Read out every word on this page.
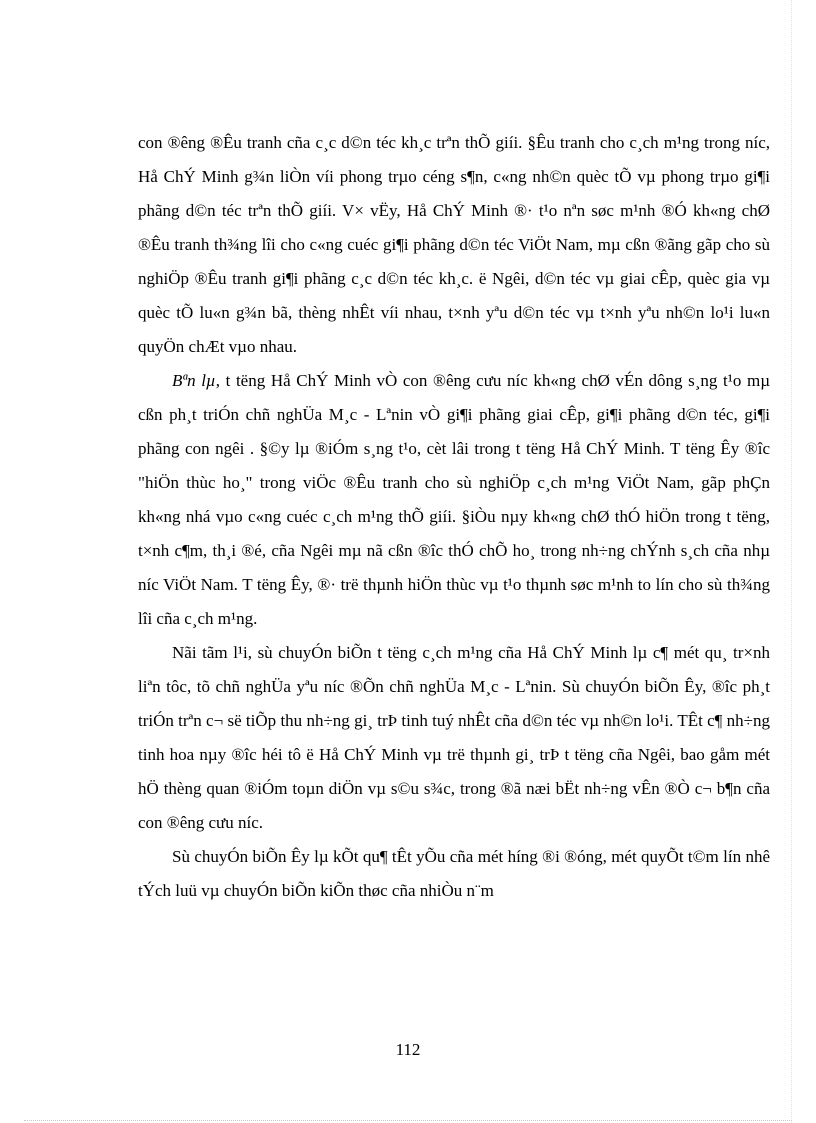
con ®êng ®Êu tranh cña c¸c d©n téc kh¸c trªn thÕ giíi. §Êu tranh cho c¸ch m¹ng trong níc, Hå ChÝ Minh g¾n liÒn víi phong trµo céng s¶n, c«ng nh©n quèc tÕ vµ phong trµo gi¶i phãng d©n téc trªn thÕ giíi. V× vËy, Hå ChÝ Minh ®· t¹o nªn søc m¹nh ®Ó kh«ng chØ ®Êu tranh th¾ng lîi cho c«ng cuéc gi¶i phãng d©n téc ViÖt Nam, mµ cßn ®ãng gãp cho sù nghiÖp ®Êu tranh gi¶i phãng c¸c d©n téc kh¸c. ë Ngêi, d©n téc vµ giai cÊp, quèc gia vµ quèc tÕ lu«n g¾n bã, thèng nhÊt víi nhau, t×nh yªu d©n téc vµ t×nh yªu nh©n lo¹i lu«n quyÖn chÆt vµo nhau.

Bªn lµ, t tëng Hå ChÝ Minh vÒ con ®êng cưu níc kh«ng chØ vÉn dông s¸ng t¹o mµ cßn ph¸t triÓn chñ nghÜa M¸c - Lªnin vÒ gi¶i phãng giai cÊp, gi¶i phãng d©n téc, gi¶i phãng con ngêi . §©y lµ ®iÓm s¸ng t¹o, cèt lâi trong t tëng Hå ChÝ Minh. T tëng Êy ®îc "hiÖn thùc ho¸" trong viÖc ®Êu tranh cho sù nghiÖp c¸ch m¹ng ViÖt Nam, gãp phÇn kh«ng nhá vµo c«ng cuéc c¸ch m¹ng thÕ giíi. §iÒu nµy kh«ng chØ thÓ hiÖn trong t tëng, t×nh c¶m, th¸i ®é, cña Ngêi mµ nã cßn ®îc thÓ chÕ ho¸ trong nh÷ng chÝnh s¸ch cña nhµ níc ViÖt Nam. T tëng Êy, ®· trë thµnh hiÖn thùc vµ t¹o thµnh søc m¹nh to lín cho sù th¾ng lîi cña c¸ch m¹ng.

Nãi tãm l¹i, sù chuyÓn biÕn t tëng c¸ch m¹ng cña Hå ChÝ Minh lµ c¶ mét qu¸ tr×nh liªn tôc, tõ chñ nghÜa yªu níc ®Õn chñ nghÜa M¸c - Lªnin. Sù chuyÓn biÕn Êy, ®îc ph¸t triÓn trªn c¬ së tiÕp thu nh÷ng gi¸ trÞ tinh tuý nhÊt cña d©n téc vµ nh©n lo¹i. TÊt c¶ nh÷ng tinh hoa nµy ®îc héi tô ë Hå ChÝ Minh vµ trë thµnh gi¸ trÞ t tëng cña Ngêi, bao gåm mét hÖ thèng quan ®iÓm toµn diÖn vµ s©u s¾c, trong ®ã næi bËt nh÷ng vÊn ®Ò c¬ b¶n cña con ®êng cưu níc.

Sù chuyÓn biÕn Êy lµ kÕt qu¶ tÊt yÕu cña mét híng ®i ®óng, mét quyÕt t©m lín nhê tÝch luü vµ chuyÓn biÕn kiÕn thøc cña nhiÒu n¨m

112
